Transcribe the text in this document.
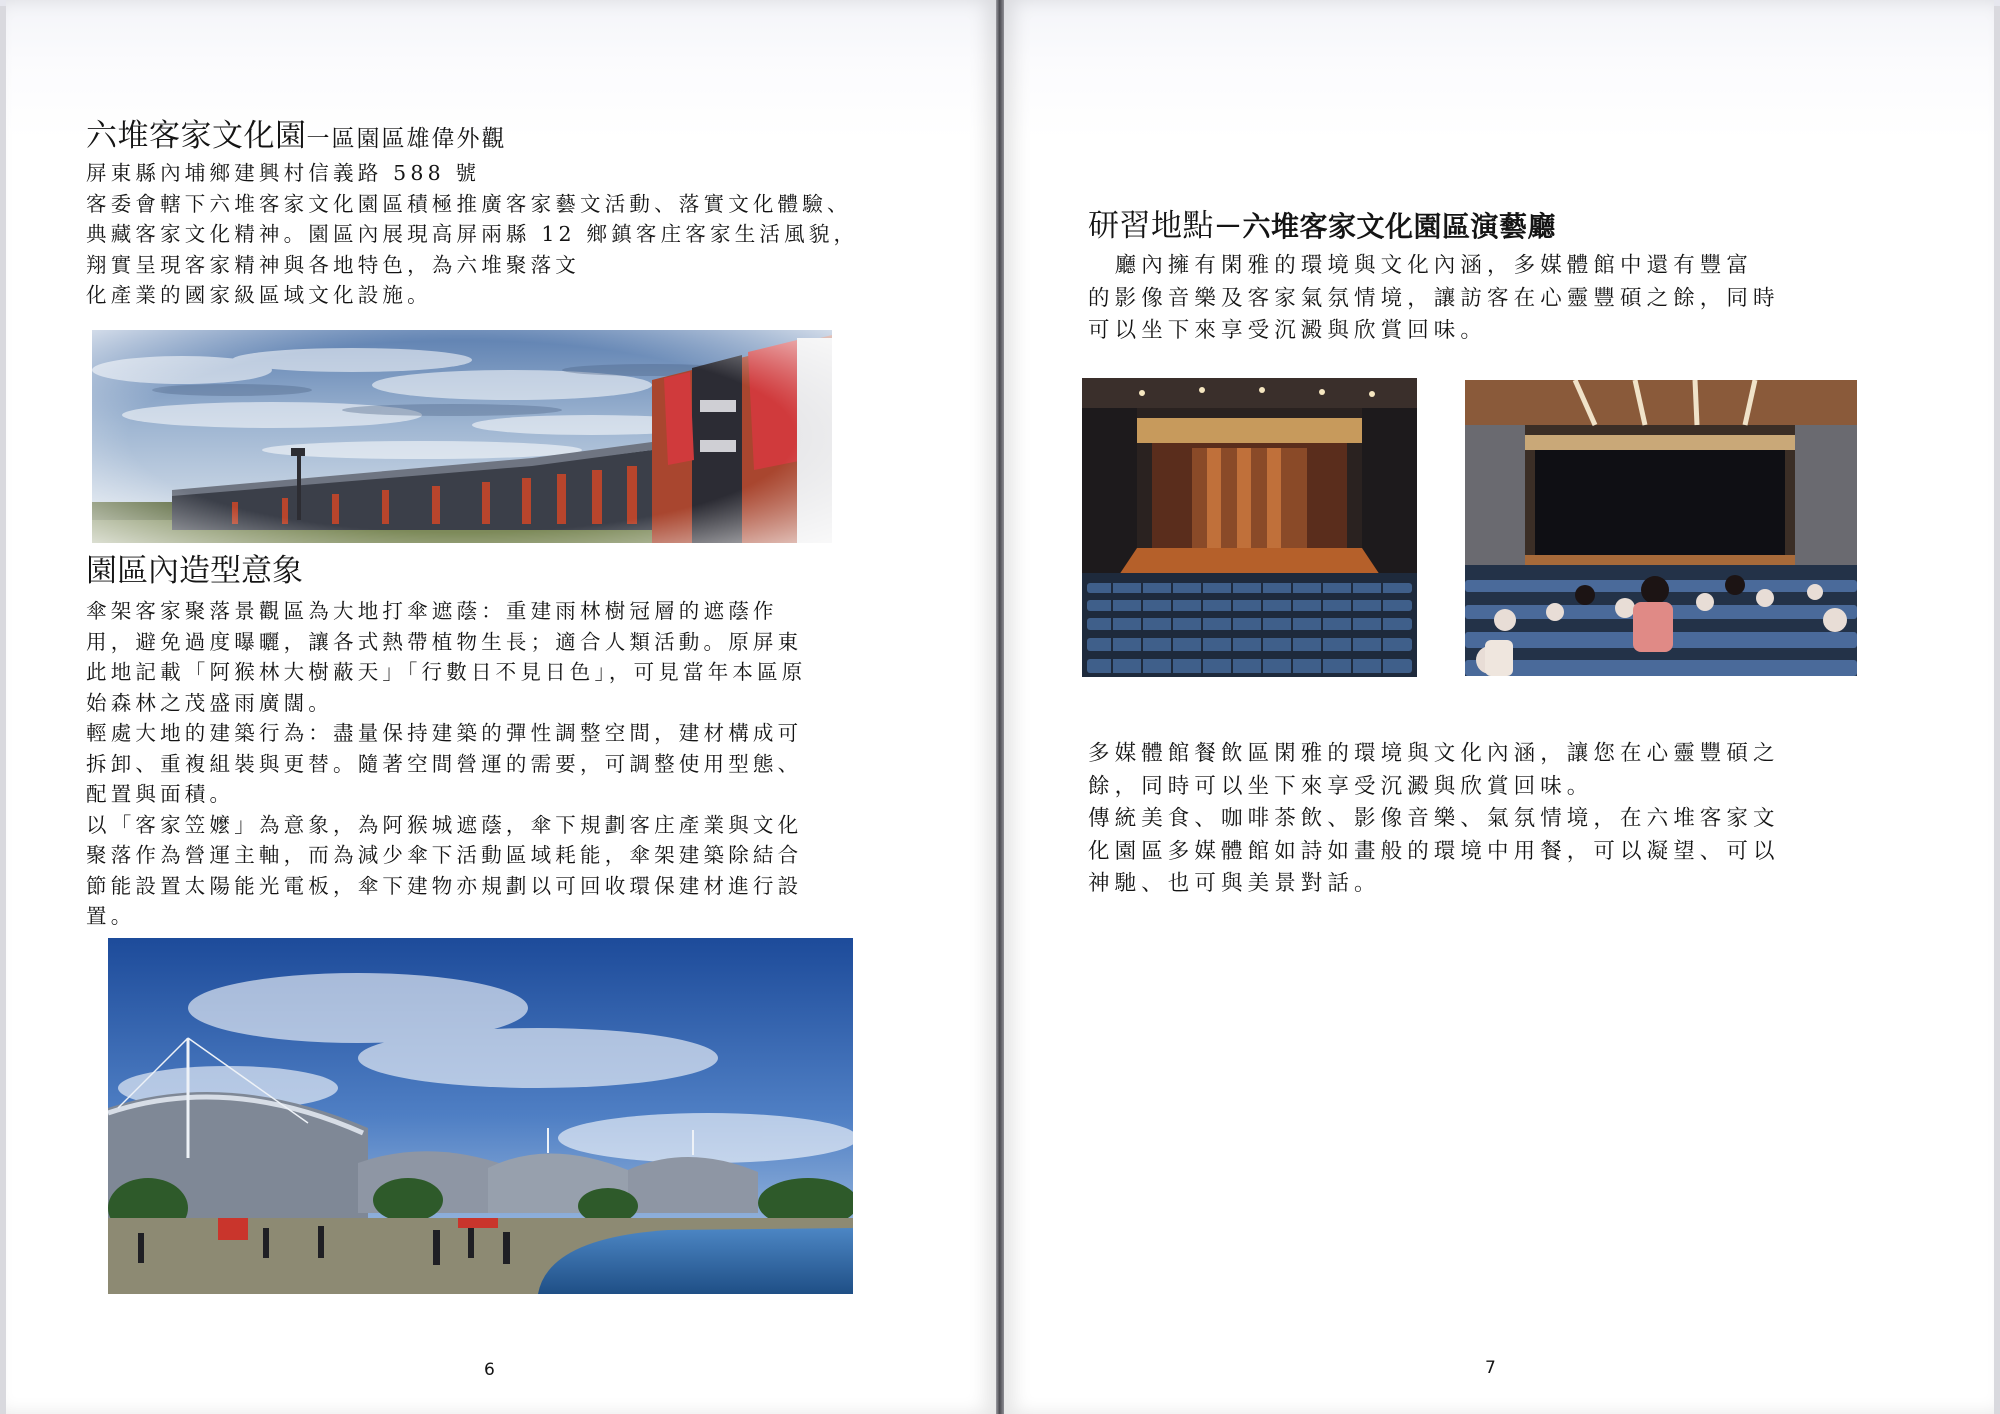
六堆客家文化園一區園區雄偉外觀

屏東縣內埔鄉建興村信義路 588 號

客委會轄下六堆客家文化園區積極推廣客家藝文活動、落實文化體驗、

典藏客家文化精神。園區內展現高屏兩縣 12 鄉鎮客庄客家生活風貌，

翔實呈現客家精神與各地特色，為六堆聚落文

化產業的國家級區域文化設施。

園區內造型意象

傘架客家聚落景觀區為大地打傘遮蔭：重建雨林樹冠層的遮蔭作

用，避免過度曝曬，讓各式熱帶植物生長；適合人類活動。原屏東

此地記載「阿猴林大樹蔽天」「行數日不見日色」，可見當年本區原

始森林之茂盛雨廣闊。

輕處大地的建築行為：盡量保持建築的彈性調整空間，建材構成可

拆卸、重複組裝與更替。隨著空間營運的需要，可調整使用型態、

配置與面積。

以「客家笠嬤」為意象，為阿猴城遮蔭，傘下規劃客庄產業與文化

聚落作為營運主軸，而為減少傘下活動區域耗能，傘架建築除結合

節能設置太陽能光電板，傘下建物亦規劃以可回收環保建材進行設

置。

6
研習地點－六堆客家文化園區演藝廳

　廳內擁有閑雅的環境與文化內涵，多媒體館中還有豐富

的影像音樂及客家氣氛情境，讓訪客在心靈豐碩之餘，同時

可以坐下來享受沉澱與欣賞回味。

多媒體館餐飲區閑雅的環境與文化內涵，讓您在心靈豐碩之

餘，同時可以坐下來享受沉澱與欣賞回味。

傳統美食、咖啡茶飲、影像音樂、氣氛情境，在六堆客家文

化園區多媒體館如詩如畫般的環境中用餐，可以凝望、可以

神馳、也可與美景對話。

7
